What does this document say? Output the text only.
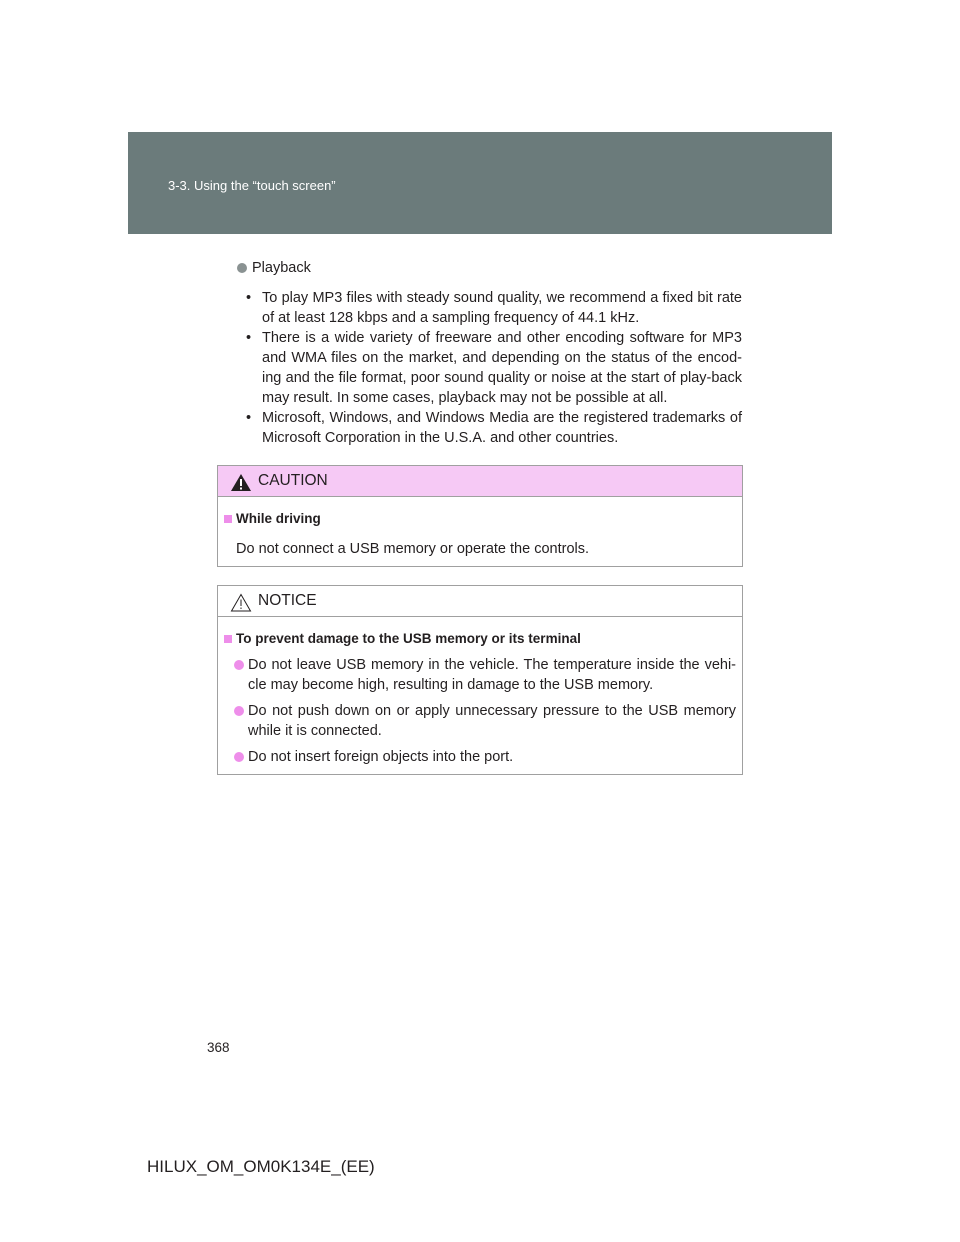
3-3. Using the “touch screen”
Playback
• To play MP3 files with steady sound quality, we recommend a fixed bit rate of at least 128 kbps and a sampling frequency of 44.1 kHz.
• There is a wide variety of freeware and other encoding software for MP3 and WMA files on the market, and depending on the status of the encod-ing and the file format, poor sound quality or noise at the start of play-back may result. In some cases, playback may not be possible at all.
• Microsoft, Windows, and Windows Media are the registered trademarks of Microsoft Corporation in the U.S.A. and other countries.
CAUTION
While driving
Do not connect a USB memory or operate the controls.
NOTICE
To prevent damage to the USB memory or its terminal
Do not leave USB memory in the vehicle. The temperature inside the vehi-cle may become high, resulting in damage to the USB memory.
Do not push down on or apply unnecessary pressure to the USB memory while it is connected.
Do not insert foreign objects into the port.
368
HILUX_OM_OM0K134E_(EE)
